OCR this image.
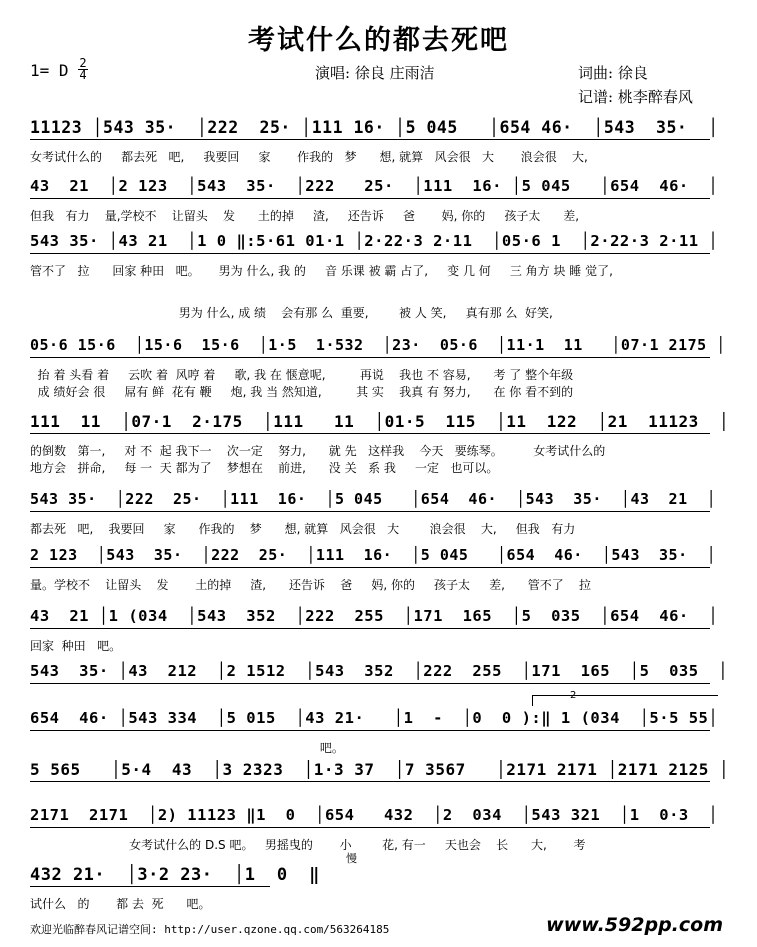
考试什么的都去死吧
1= D 2
4	演唱: 徐良 庄雨洁	词曲: 徐良
记谱: 桃李醉春风
11123 │543 35·  │222  25· │111 16· │5 045   │654 46·  │543  35·  │
女考试什么的     都去死   吧,     我要回     家       作我的   梦      想, 就算   风会很   大       浪会很    大,
43  21  │2 123  │543  35·  │222   25·  │111  16· │5 045   │654  46·  │
但我   有力    量,学校不    让留头    发      土的掉     渣,     还告诉     爸       妈, 你的     孩子太      差,
543 35· │43 21  │1 0 ‖:5·61 01·1 │2·22·3 2·11  │05·6 1  │2·22·3 2·11 │
管不了   拉      回家 种田   吧。     男为 什么, 我 的     音 乐课 被 霸 占了,     变 几 何     三 角方 块 睡 觉了,
男为 什么, 成 绩    会有那 么  重要,        被 人 笑,     真有那 么  好笑,
05·6 15·6  │15·6  15·6  │1·5  1·532  │23·  05·6  │11·1  11   │07·1 2175 │
抬 着 头看 着     云吹 着  风哼 着     歌, 我 在 惬意呢,         再说    我也 不 容易,      考 了 整个年级
成 绩好会 很     屌有 鲜  花有 鞭     炮, 我 当 然知道,         其 实    我真 有 努力,      在 你 看不到的
111  11  │07·1  2·175  │111   11  │01·5  115  │11  122  │21  11123  │
的倒数   第一,     对 不  起 我下一    次一定    努力,      就 先   这样我    今天   要练琴。        女考试什么的
地方会   拼命,     每 一  天 都为了    梦想在    前进,      没 关   系 我     一定   也可以。
543 35·  │222  25·  │111  16·  │5 045   │654  46·  │543  35·  │43  21  │
都去死   吧,    我要回     家      作我的    梦      想, 就算   风会很   大        浪会很    大,     但我   有力
2 123  │543  35·  │222  25·  │111  16·  │5 045   │654  46·  │543  35·  │
量。学校不    让留头    发       土的掉     渣,      还告诉    爸     妈, 你的     孩子太     差,      管不了    拉
43  21 │1 (034  │543  352  │222  255  │171  165  │5  035  │654  46·  │
回家  种田   吧。
543  35· │43  212  │2 1512  │543  352  │222  255  │171  165  │5  035  │
654  46· │543 334  │5 015  │43 21·   │1  -  │0  0 ):‖ 1 (034  │5·5 55│
吧。
5 565   │5·4  43  │3 2323  │1·3 37  │7 3567   │2171 2171 │2171 2125 │
2171  2171  │2) 11123 ‖1  0  │654   432  │2  034  │543 321  │1  0·3  │
女考试什么的 D.S 吧。   男摇曳的       小        花, 有一     天也会    长      大,       考
432 21·  │3·2 23·  │1  0  ‖
试什么   的       都 去  死      吧。
慢
2
欢迎光临醉春风记谱空间: http://user.qzone.qq.com/563264185	www.592pp.com
